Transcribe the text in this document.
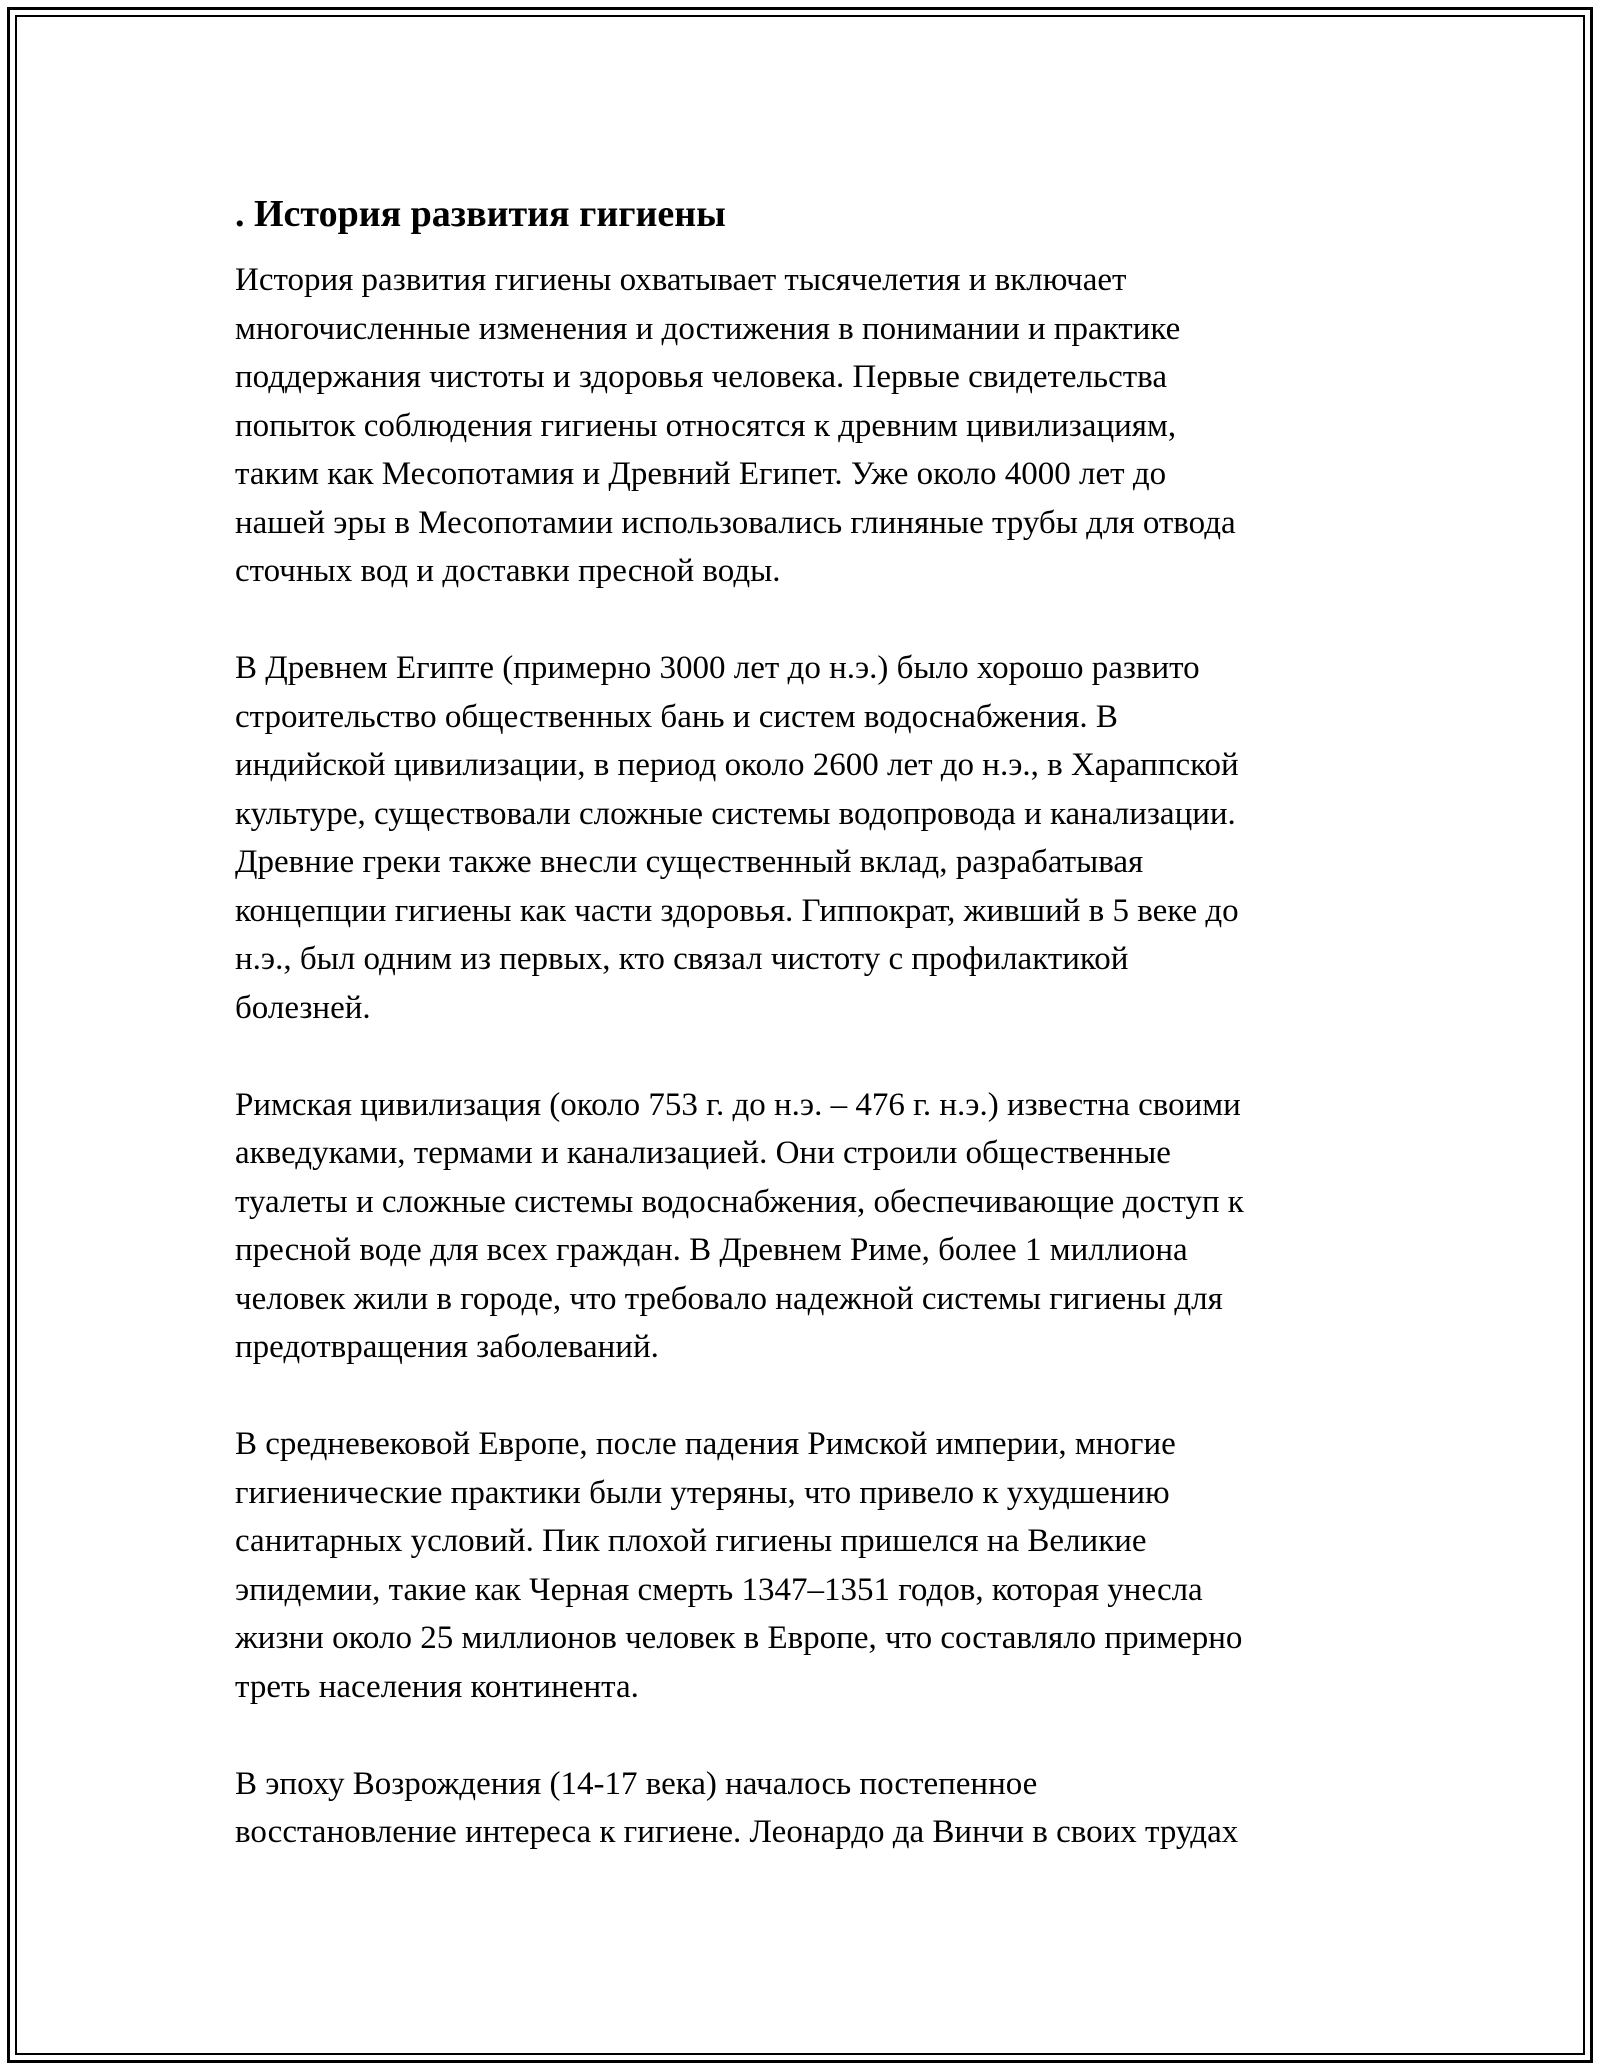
. История развития гигиены

История развития гигиены охватывает тысячелетия и включает
многочисленные изменения и достижения в понимании и практике
поддержания чистоты и здоровья человека. Первые свидетельства
попыток соблюдения гигиены относятся к древним цивилизациям,
таким как Месопотамия и Древний Египет. Уже около 4000 лет до
нашей эры в Месопотамии использовались глиняные трубы для отвода
сточных вод и доставки пресной воды.

В Древнем Египте (примерно 3000 лет до н.э.) было хорошо развито
строительство общественных бань и систем водоснабжения. В
индийской цивилизации, в период около 2600 лет до н.э., в Хараппской
культуре, существовали сложные системы водопровода и канализации.
Древние греки также внесли существенный вклад, разрабатывая
концепции гигиены как части здоровья. Гиппократ, живший в 5 веке до
н.э., был одним из первых, кто связал чистоту с профилактикой
болезней.

Римская цивилизация (около 753 г. до н.э. – 476 г. н.э.) известна своими
акведуками, термами и канализацией. Они строили общественные
туалеты и сложные системы водоснабжения, обеспечивающие доступ к
пресной воде для всех граждан. В Древнем Риме, более 1 миллиона
человек жили в городе, что требовало надежной системы гигиены для
предотвращения заболеваний.

В средневековой Европе, после падения Римской империи, многие
гигиенические практики были утеряны, что привело к ухудшению
санитарных условий. Пик плохой гигиены пришелся на Великие
эпидемии, такие как Черная смерть 1347–1351 годов, которая унесла
жизни около 25 миллионов человек в Европе, что составляло примерно
треть населения континента.

В эпоху Возрождения (14-17 века) началось постепенное
восстановление интереса к гигиене. Леонардо да Винчи в своих трудах
